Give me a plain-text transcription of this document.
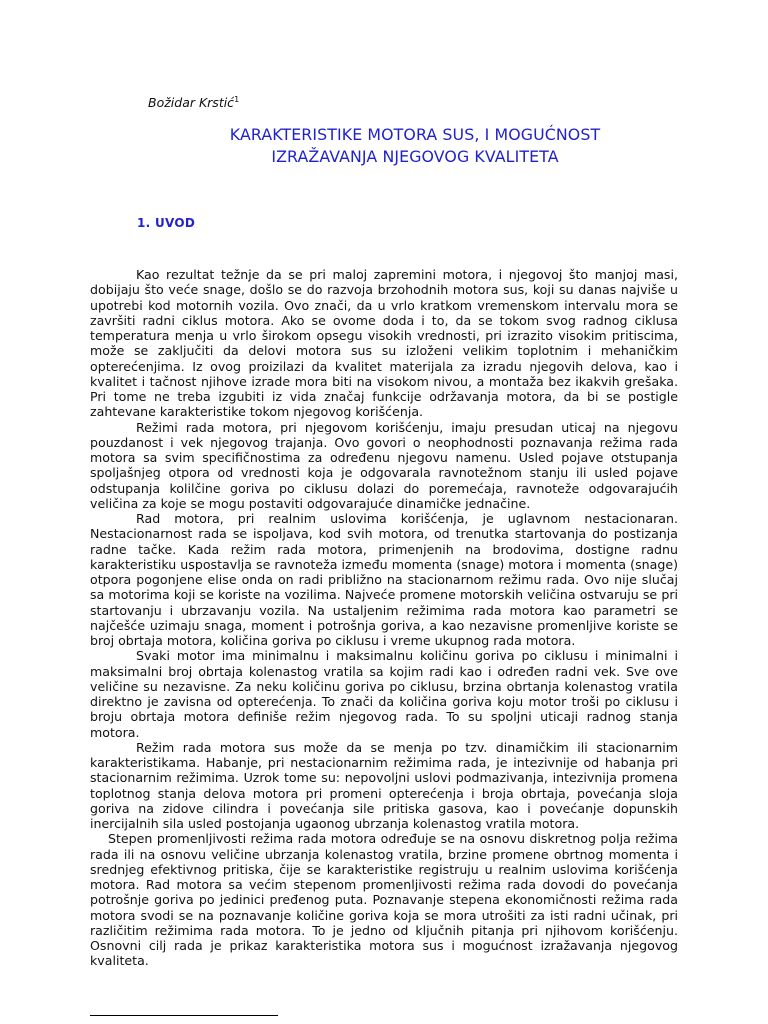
Božidar Krstić$^1$
KARAKTERISTIKE MOTORA SUS, I MOGUĆNOST
IZRAŽAVANJA NJEGOVOG KVALITETA
1. UVOD

Kao rezultat težnje da se pri maloj zapremini motora, i njegovoj što manjoj masi, dobijaju što veće snage, došlo se do razvoja brzohodnih motora sus, koji su danas najviše u upotrebi kod motornih vozila. Ovo znači, da u vrlo kratkom vremenskom intervalu mora se završiti radni ciklus motora. Ako se ovome doda i to, da se tokom svog radnog ciklusa temperatura menja u vrlo širokom opsegu visokih vrednosti, pri izrazito visokim pritiscima, može se zaključiti da delovi motora sus su izloženi velikim toplotnim i mehaničkim opterećenjima. Iz ovog proizilazi da kvalitet materijala za izradu njegovih delova, kao i kvalitet i tačnost njihove izrade mora biti na visokom nivou, a montaža bez ikakvih grešaka. Pri tome ne treba izgubiti iz vida značaj funkcije održavanja motora, da bi se postigle zahtevane karakteristike tokom njegovog korišćenja.

Režimi rada motora, pri njegovom korišćenju, imaju presudan uticaj na njegovu pouzdanost i vek njegovog trajanja. Ovo govori o neophodnosti poznavanja režima rada motora sa svim specifičnostima za određenu njegovu namenu. Usled pojave otstupanja spoljašnjeg otpora od vrednosti koja je odgovarala ravnotežnom stanju ili usled pojave odstupanja kolilčine goriva po ciklusu dolazi do poremećaja, ravnoteže odgovarajućih veličina za koje se mogu postaviti odgovarajuće dinamičke jednačine.

Rad motora, pri realnim uslovima korišćenja, je uglavnom nestacionaran. Nestacionarnost rada se ispoljava, kod svih motora, od trenutka startovanja do postizanja radne tačke. Kada režim rada motora, primenjenih na brodovima, dostigne radnu karakteristiku uspostavlja se ravnoteža između momenta (snage) motora i momenta (snage) otpora pogonjene elise onda on radi približno na stacionarnom režimu rada. Ovo nije slučaj sa motorima koji se koriste na vozilima. Najveće promene motorskih veličina ostvaruju se pri startovanju i ubrzavanju vozila. Na ustaljenim režimima rada motora kao parametri se najčešće uzimaju snaga, moment i potrošnja goriva, a kao nezavisne promenljive koriste se broj obrtaja motora, količina goriva po ciklusu i vreme ukupnog rada motora.

Svaki motor ima minimalnu i maksimalnu količinu goriva po ciklusu i minimalni i maksimalni broj obrtaja kolenastog vratila sa kojim radi kao i određen radni vek. Sve ove veličine su nezavisne. Za neku količinu goriva po ciklusu, brzina obrtanja kolenastog vratila direktno je zavisna od opterećenja. To znači da količina goriva koju motor troši po ciklusu i broju obrtaja motora definiše režim njegovog rada. To su spoljni uticaji radnog stanja motora.

Režim rada motora sus može da se menja po tzv. dinamičkim ili stacionarnim karakteristikama. Habanje, pri nestacionarnim režimima rada, je intezivnije od habanja pri stacionarnim režimima. Uzrok tome su: nepovoljni uslovi podmazivanja, intezivnija promena toplotnog stanja delova motora pri promeni opterećenja i broja obrtaja, povećanja sloja goriva na zidove cilindra i povećanja sile pritiska gasova, kao i povećanje dopunskih inercijalnih sila usled postojanja ugaonog ubrzanja kolenastog vratila motora.

Stepen promenljivosti režima rada motora određuje se na osnovu diskretnog polja režima rada ili na osnovu veličine ubrzanja kolenastog vratila, brzine promene obrtnog momenta i srednjeg efektivnog pritiska, čije se karakteristike registruju u realnim uslovima korišćenja motora. Rad motora sa većim stepenom promenljivosti režima rada dovodi do povećanja potrošnje goriva po jedinici pređenog puta. Poznavanje stepena ekonomičnosti režima rada motora svodi se na poznavanje količine goriva koja se mora utrošiti za isti radni učinak, pri različitim režimima rada motora. To je jedno od ključnih pitanja pri njihovom korišćenju. Osnovni cilj rada je prikaz karakteristika motora sus i mogućnost izražavanja njegovog kvaliteta.
